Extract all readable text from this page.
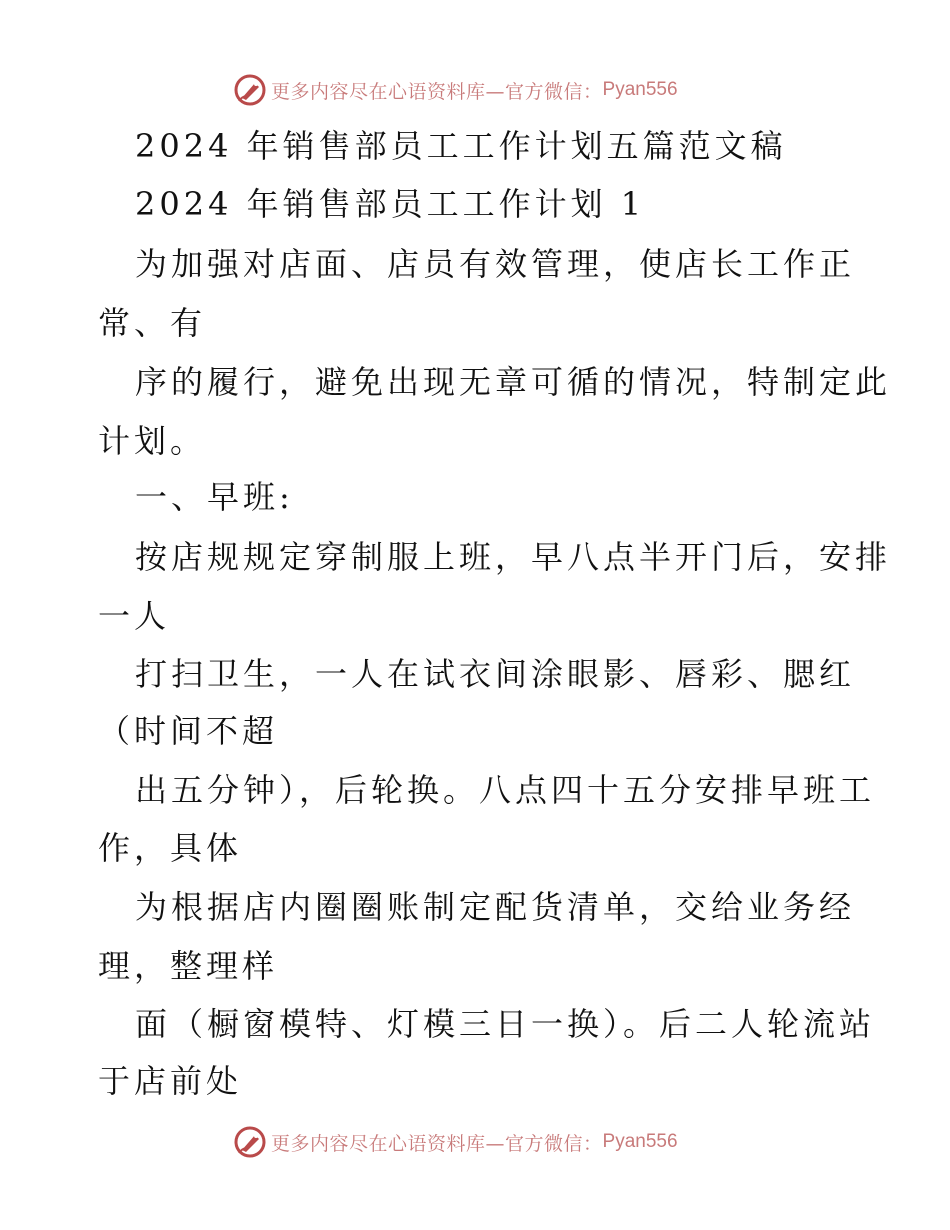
更多内容尽在心语资料库—官方微信： Pyan556
2024 年销售部员工工作计划五篇范文稿
2024 年销售部员工工作计划 1
为加强对店面、店员有效管理，使店长工作正
常、有
序的履行，避免出现无章可循的情况，特制定此
计划。
一、早班:
按店规规定穿制服上班，早八点半开门后，安排
一人
打扫卫生，一人在试衣间涂眼影、唇彩、腮红
（时间不超
出五分钟），后轮换。八点四十五分安排早班工
作，具体
为根据店内圈圈账制定配货清单，交给业务经
理，整理样
面（橱窗模特、灯模三日一换）。后二人轮流站
于店前处
更多内容尽在心语资料库—官方微信： Pyan556
